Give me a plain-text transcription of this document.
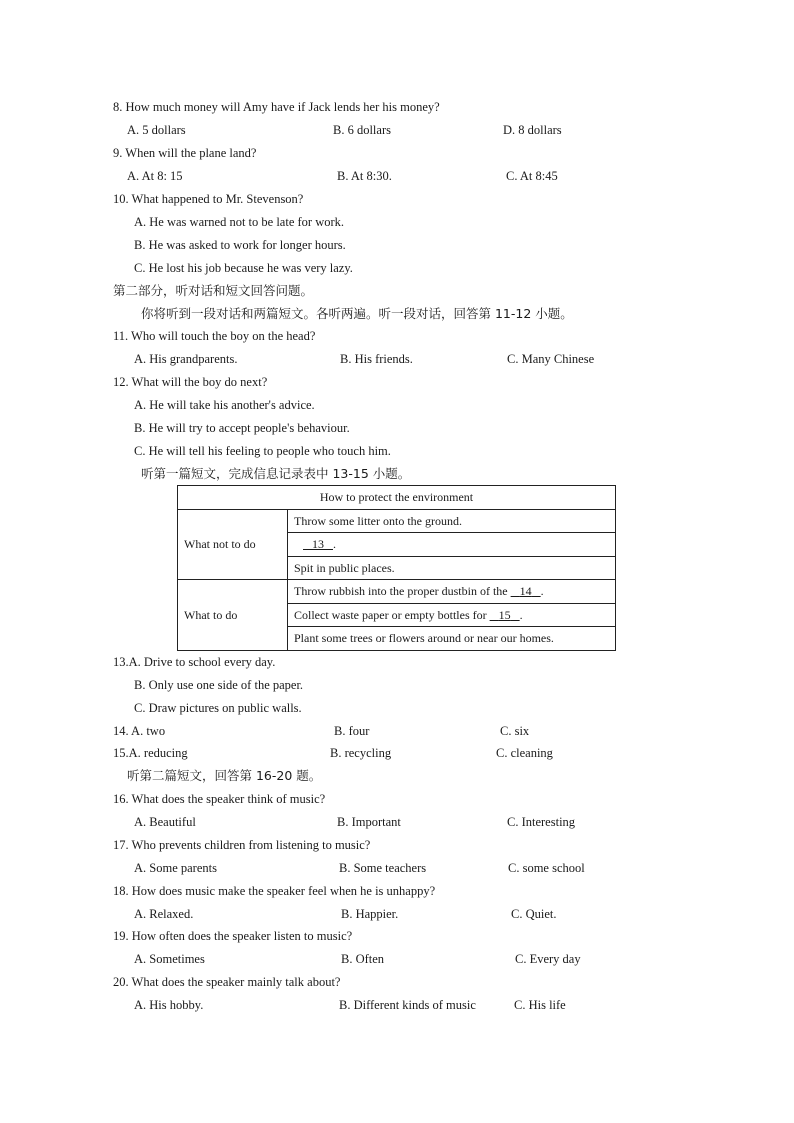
8. How much money will Amy have if Jack lends her his money?
A. 5 dollars	B. 6 dollars	D. 8 dollars
9. When will the plane land?
A. At 8: 15	B. At 8:30.	C. At 8:45
10. What happened to Mr. Stevenson?
A. He was warned not to be late for work.
B. He was asked to work for longer hours.
C. He lost his job because he was very lazy.
第二部分，听对话和短文回答问题。
你将听到一段对话和两篇短文。各听两遍。听一段对话，回答第 11-12 小题。
11. Who will touch the boy on the head?
A. His grandparents.	B. His friends.	C. Many Chinese
12. What will the boy do next?
A. He will take his another's advice.
B. He will try to accept people's behaviour.
C. He will tell his feeling to people who touch him.
听第一篇短文，完成信息记录表中 13-15 小题。
How to protect the environment	
What not to do	Throw some litter onto the ground.
	13 .
	Spit in public places.
What to do	Throw rubbish into the proper dustbin of the    14 .
	Collect waste paper or empty bottles for    15 .
	Plant some trees or flowers around or near our homes.
13.A. Drive to school every day.
B. Only use one side of the paper.
C. Draw pictures on public walls.
14. A. two	B. four	C. six
15.A. reducing	B. recycling	C. cleaning
听第二篇短文，回答第 16-20 题。
16. What does the speaker think of music?
A. Beautiful	B. Important	C. Interesting
17. Who prevents children from listening to music?
A. Some parents	B. Some teachers	C. some school
18. How does music make the speaker feel when he is unhappy?
A. Relaxed.	B. Happier.	C. Quiet.
19. How often does the speaker listen to music?
A. Sometimes	B. Often	C. Every day
20. What does the speaker mainly talk about?
A. His hobby.	B. Different kinds of music	C. His life
